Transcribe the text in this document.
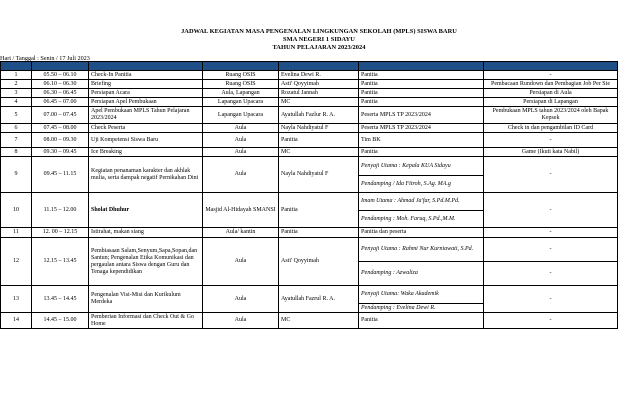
JADWAL KEGIATAN MASA PENGENALAN LINGKUNGAN SEKOLAH (MPLS) SISWA BARU
SMA NEGERI 1 SIDAYU
TAHUN PELAJARAN 2023/2024
Hari / Tanggal : Senin / 17 Juli 2023
No.	Pukul	Nama Kegiatan	Tempat	Penanggungjawab	Pelaksana/penyaji	Keterangan
1	05.50 – 06.10	Check-In Panitia	Ruang OSIS	Evelina Dewi R.	Panitia	-
2	06.10 – 06.30	Briefing	Ruang OSIS	Asti' Qoyyimah	Panitia	Pembacaan Rundown dan Pembagian Job Per Sie
3	06.30 – 06.45	Persiapan Acara	Aula, Lapangan	Rozatul Jannah	Panitia	Persiapan di Aula
4	06.45 – 07.00	Persiapan Apel Pembukaan	Lapangan Upacara	MC	Panitia	Persiapan di Lapangan
5	07.00 – 07.45	Apel Pembukaan MPLS Tahun Pelajaran 2023/2024	Lapangan Upacara	Ayatullah Fazlur R. A.	Peserta MPLS TP 2023/2024	Pembukaan MPLS tahun 2023/2024 oleh Bapak Kepsek
6	07.45 – 08.00	Check Peserta	Aula	Nayla Nahdiyatul F	Peserta MPLS TP 2023/2024	Check in dan pengambilan ID Card
7	08.00 – 09.30	Uji Kompetensi Siswa Baru	Aula	Panitia	Tim BK	-
8	09.30 – 09.45	Ice Breaking	Aula	MC	Panitia	Game (Ikuti kata Nabil)
9	09.45 – 11.15	Kegiatan penanaman karakter dan akhlak mulia, serta dampak negatif Pernikahan Dini	Aula	Nayla Nahdiyatul F	Penyaji Utama : Kepala KUA Sidayu	-
					Pendamping / Ida Fitroh, S.Ag. MA.g	
10	11.15 – 12.00	Sholat Dhuhur	Masjid Al-Hidayah SMANSI	Panitia	Imam Utama : Ahmad Ja'far, S.Pd.M.Pd.	-
					Pendamping : Moh. Faruq, S.Pd.,M.M.	
11	12. 00 – 12.15	Istirahat, makan siang	Aula/ kantin	Panitia	Panitia dan peserta	-
12	12.15 – 13.45	Pembiasaan Salam,Senyum,Sapa,Sopan,dan Santun; Pengenalan Etika Komunikasi dan pergaulan antara Siswa dengan Guru dan Tenaga kependidikan	Aula	Asti' Qoyyimah	Penyaji Utama : Rahmi Nur Kurniawati, S.Pd.	-
					Pendamping : Azwaliza	-
13	13.45 – 14.45	Pengenalan Visi-Misi dan Kurikulum Merdeka	Aula	Ayatullah Fazrul R. A.	Penyaji Utama: Waka Akademik	-
					Pendamping : Evelina Dewi R.	
14	14.45 – 15.00	Pemberian Informasi dan Check Out & Go Home	Aula	MC	Panitia	-
